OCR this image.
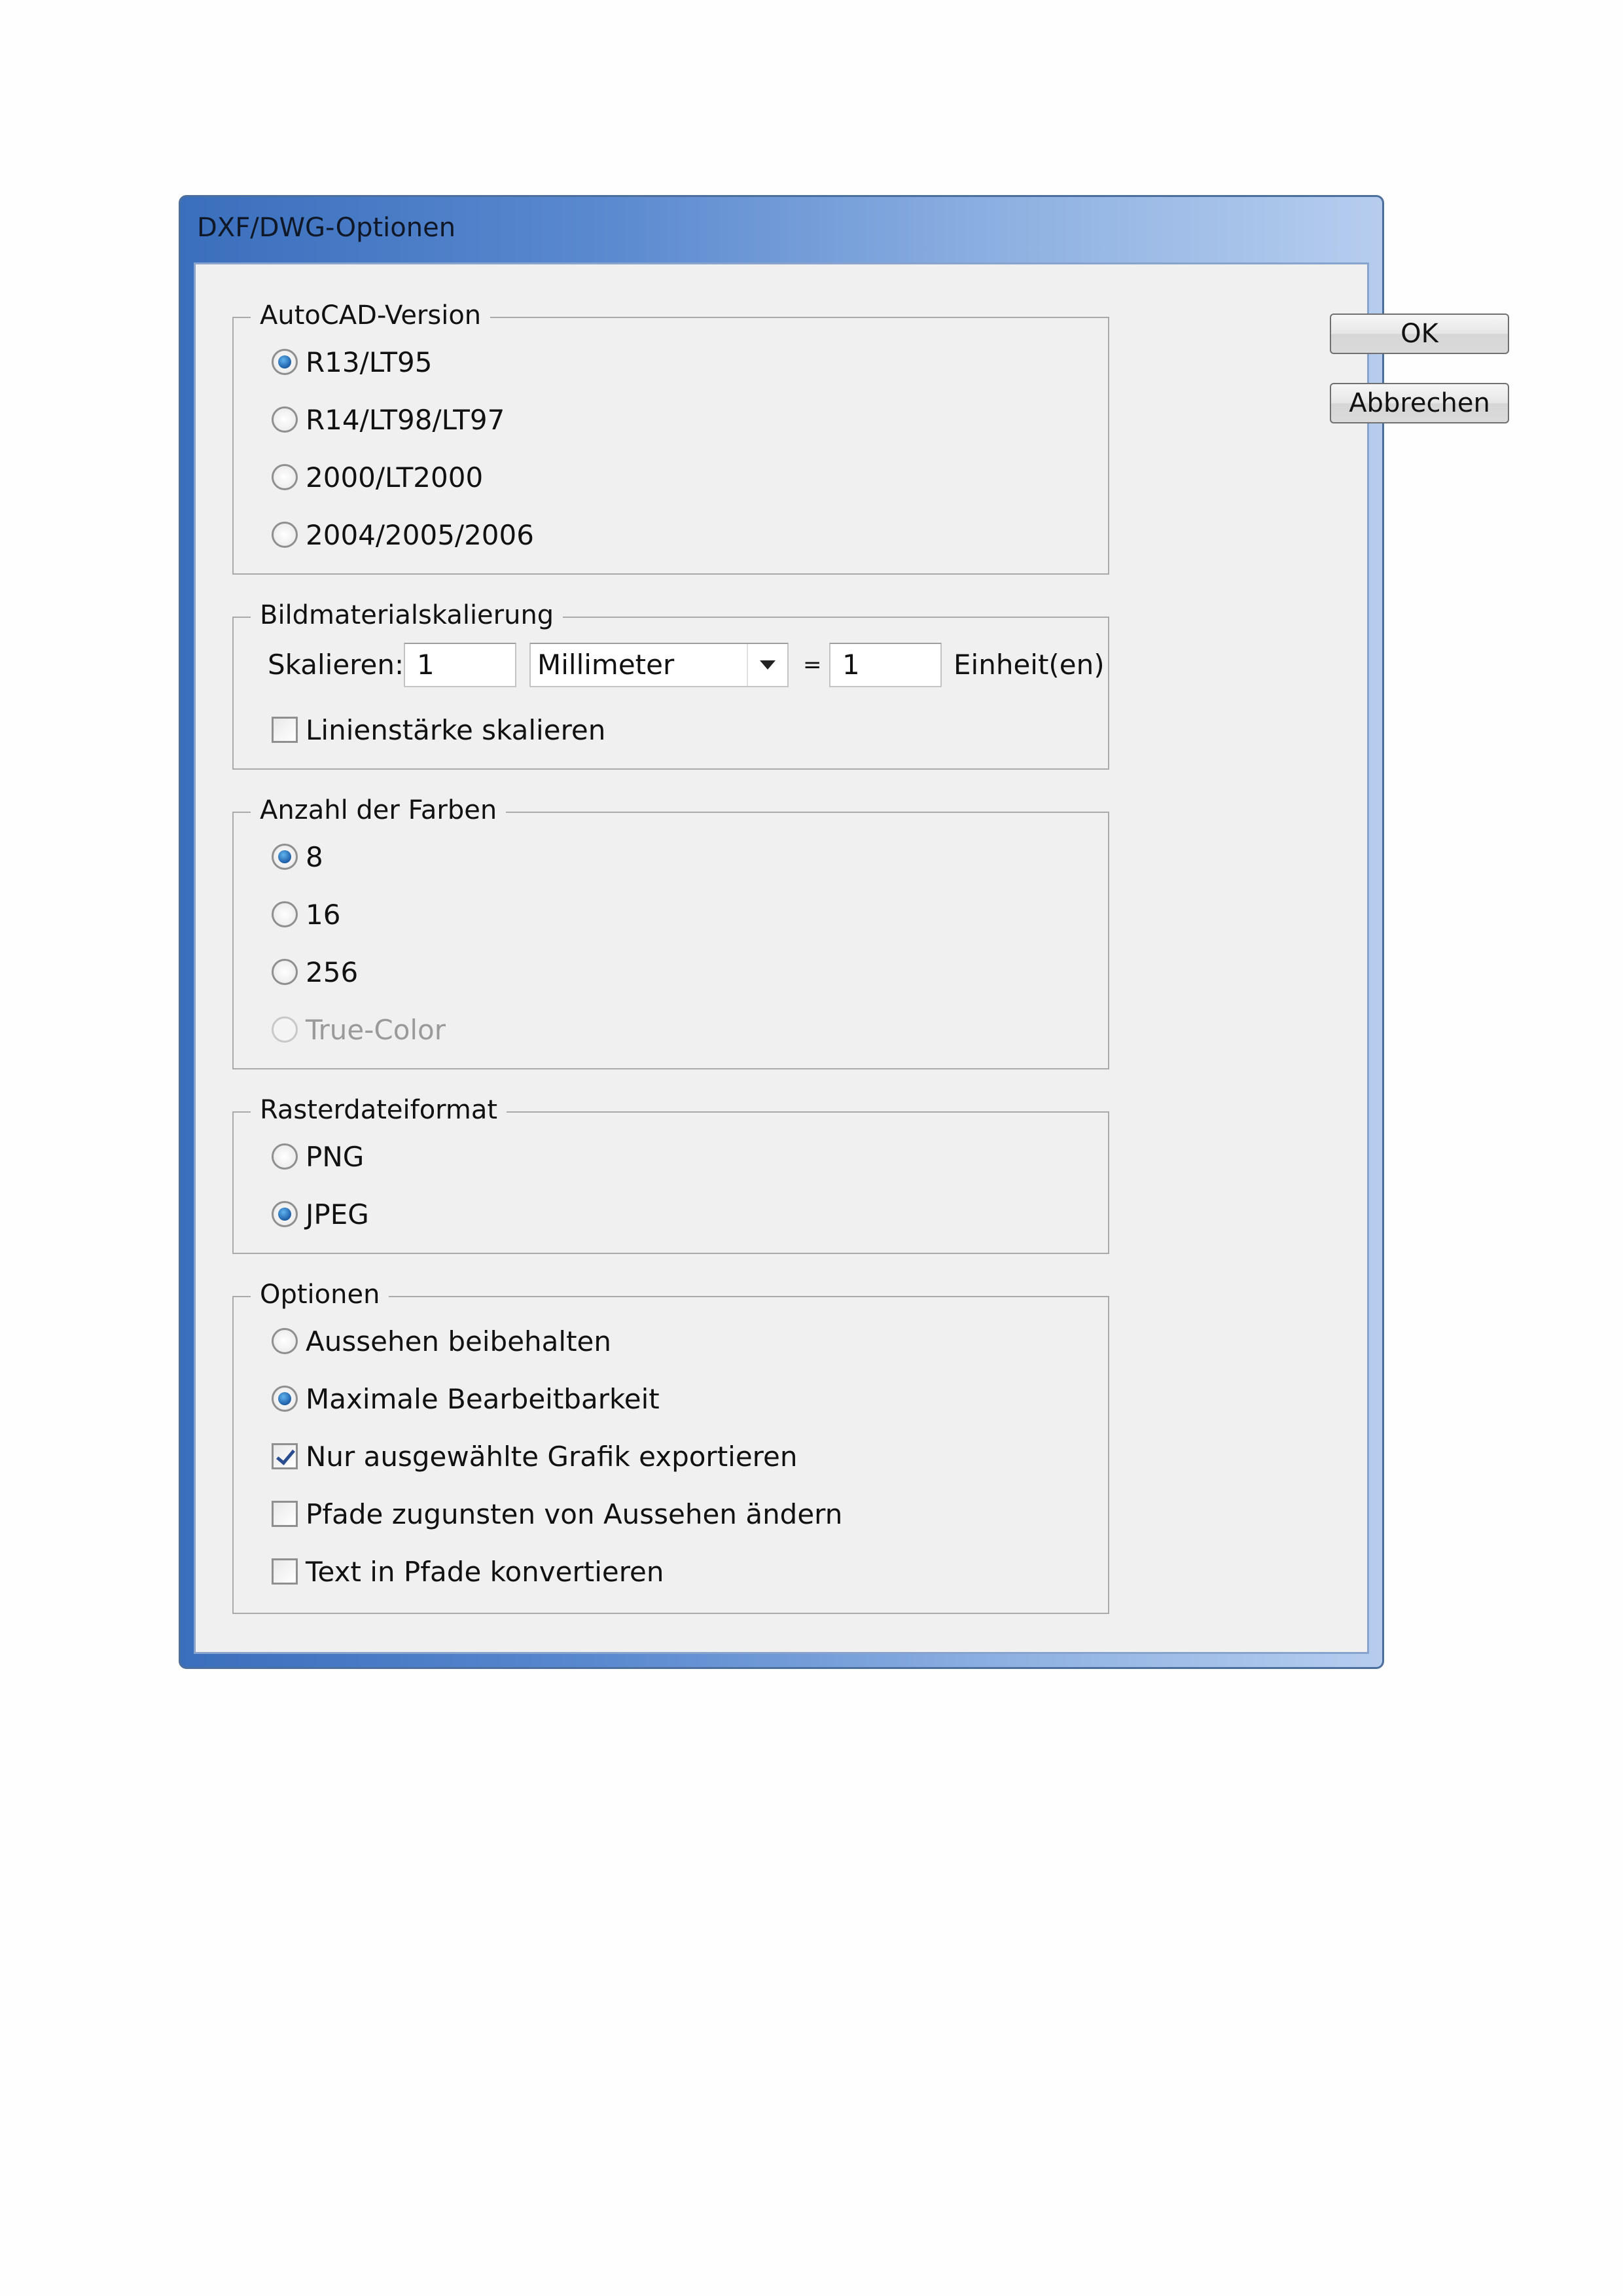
DXF/DWG-Optionen
AutoCAD-Version
R13/LT95
R14/LT98/LT97
2000/LT2000
2004/2005/2006
Bildmaterialskalierung
Skalieren: 1	Millimeter	= 1	Einheit(en)
Linienstärke skalieren
Anzahl der Farben
8
16
256
True-Color
Rasterdateiformat
PNG
JPEG
Optionen
Aussehen beibehalten
Maximale Bearbeitbarkeit
Nur ausgewählte Grafik exportieren
Pfade zugunsten von Aussehen ändern
Text in Pfade konvertieren
OK
Abbrechen
